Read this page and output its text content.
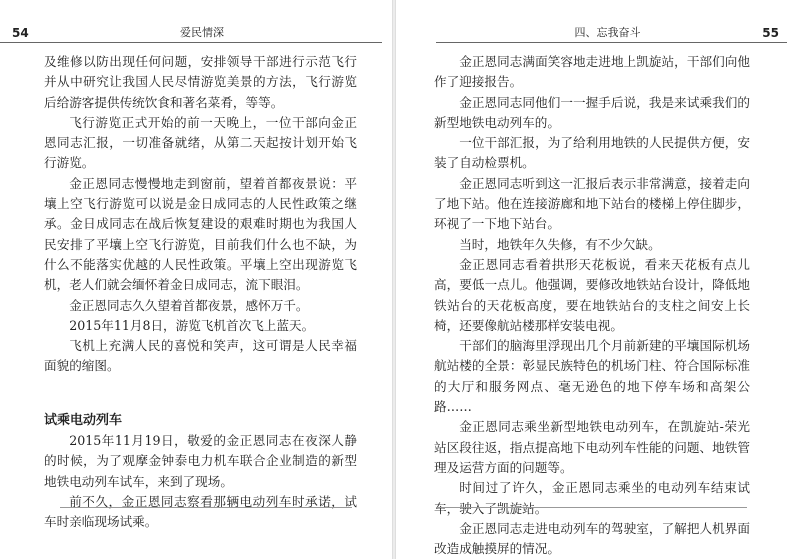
54	爱民情深

及维修以防出现任何问题，安排领导干部进行示范飞行并从中研究让我国人民尽情游览美景的方法，飞行游览后给游客提供传统饮食和著名菜肴，等等。

飞行游览正式开始的前一天晚上，一位干部向金正恩同志汇报，一切准备就绪，从第二天起按计划开始飞行游览。

金正恩同志慢慢地走到窗前，望着首都夜景说：平壤上空飞行游览可以说是金日成同志的人民性政策之继承。金日成同志在战后恢复建设的艰难时期也为我国人民安排了平壤上空飞行游览，目前我们什么也不缺，为什么不能落实优越的人民性政策。平壤上空出现游览飞机，老人们就会缅怀着金日成同志，流下眼泪。

金正恩同志久久望着首都夜景，感怀万千。

2015年11月8日，游览飞机首次飞上蓝天。

飞机上充满人民的喜悦和笑声，这可谓是人民幸福面貌的缩图。

试乘电动列车

2015年11月19日，敬爱的金正恩同志在夜深人静的时候，为了观摩金钟泰电力机车联合企业制造的新型地铁电动列车试车，来到了现场。

前不久，金正恩同志察看那辆电动列车时承诺，试车时亲临现场试乘。

四、忘我奋斗	55

金正恩同志满面笑容地走进地上凯旋站，干部们向他作了迎接报告。

金正恩同志同他们一一握手后说，我是来试乘我们的新型地铁电动列车的。

一位干部汇报，为了给利用地铁的人民提供方便，安装了自动检票机。

金正恩同志听到这一汇报后表示非常满意，接着走向了地下站。他在连接游廊和地下站台的楼梯上停住脚步，环视了一下地下站台。

当时，地铁年久失修，有不少欠缺。

金正恩同志看着拱形天花板说，看来天花板有点儿高，要低一点儿。他强调，要修改地铁站台设计，降低地铁站台的天花板高度，要在地铁站台的支柱之间安上长椅，还要像航站楼那样安装电视。

干部们的脑海里浮现出几个月前新建的平壤国际机场航站楼的全景：彰显民族特色的机场门柱、符合国际标准的大厅和服务网点、毫无逊色的地下停车场和高架公路……

金正恩同志乘坐新型地铁电动列车，在凯旋站-荣光站区段往返，指点提高地下电动列车性能的问题、地铁管理及运营方面的问题等。

时间过了许久，金正恩同志乘坐的电动列车结束试车，驶入了凯旋站。

金正恩同志走进电动列车的驾驶室，了解把人机界面改造成触摸屏的情况。
